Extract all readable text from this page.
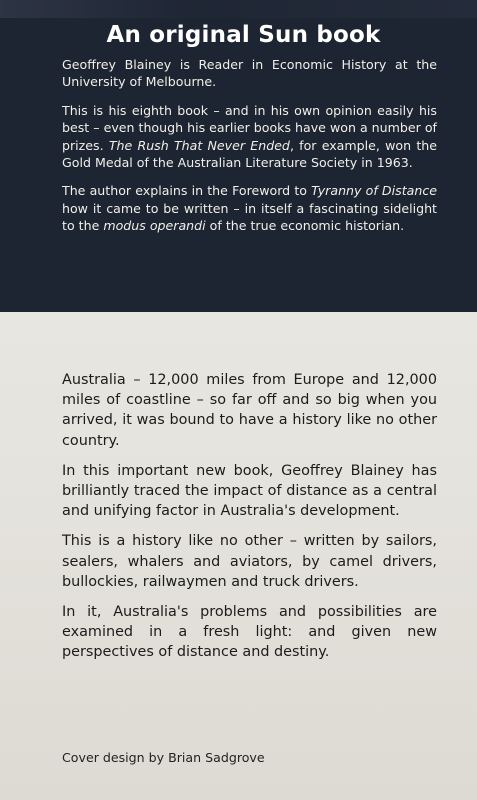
An original Sun book

Geoffrey Blainey is Reader in Economic History at the University of Melbourne.

This is his eighth book – and in his own opinion easily his best – even though his earlier books have won a number of prizes. The Rush That Never Ended, for example, won the Gold Medal of the Australian Literature Society in 1963.

The author explains in the Foreword to Tyranny of Distance how it came to be written – in itself a fascinating sidelight to the modus operandi of the true economic historian.

Australia – 12,000 miles from Europe and 12,000 miles of coastline – so far off and so big when you arrived, it was bound to have a history like no other country.

In this important new book, Geoffrey Blainey has brilliantly traced the impact of distance as a central and unifying factor in Australia's development.

This is a history like no other – written by sailors, sealers, whalers and aviators, by camel drivers, bullockies, railwaymen and truck drivers.

In it, Australia's problems and possibilities are examined in a fresh light: and given new perspectives of distance and destiny.

Cover design by Brian Sadgrove
